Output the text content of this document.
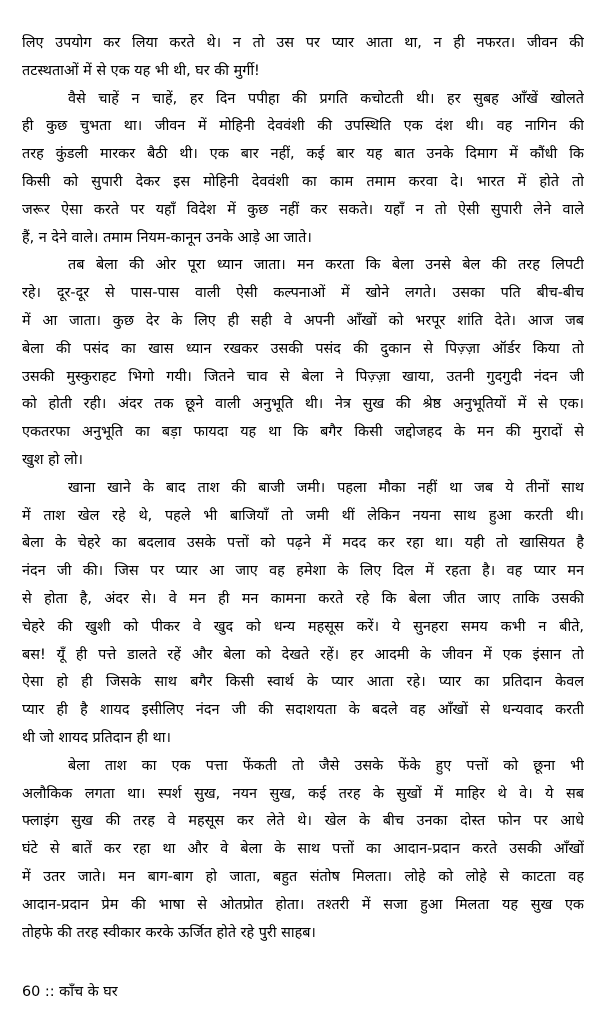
लिए उपयोग कर लिया करते थे। न तो उस पर प्यार आता था, न ही नफरत। जीवन की
तटस्थताओं में से एक यह भी थी, घर की मुर्गी!
वैसे चाहें न चाहें, हर दिन पपीहा की प्रगति कचोटती थी। हर सुबह आँखें खोलते
ही कुछ चुभता था। जीवन में मोहिनी देववंशी की उपस्थिति एक दंश थी। वह नागिन की
तरह कुंडली मारकर बैठी थी। एक बार नहीं, कई बार यह बात उनके दिमाग में कौंधी कि
किसी को सुपारी देकर इस मोहिनी देववंशी का काम तमाम करवा दे। भारत में होते तो
जरूर ऐसा करते पर यहाँ विदेश में कुछ नहीं कर सकते। यहाँ न तो ऐसी सुपारी लेने वाले
हैं, न देने वाले। तमाम नियम-कानून उनके आड़े आ जाते।
तब बेला की ओर पूरा ध्यान जाता। मन करता कि बेला उनसे बेल की तरह लिपटी
रहे। दूर-दूर से पास-पास वाली ऐसी कल्पनाओं में खोने लगते। उसका पति बीच-बीच
में आ जाता। कुछ देर के लिए ही सही वे अपनी आँखों को भरपूर शांति देते। आज जब
बेला की पसंद का खास ध्यान रखकर उसकी पसंद की दुकान से पिज़्ज़ा ऑर्डर किया तो
उसकी मुस्कुराहट भिगो गयी। जितने चाव से बेला ने पिज़्ज़ा खाया, उतनी गुदगुदी नंदन जी
को होती रही। अंदर तक छूने वाली अनुभूति थी। नेत्र सुख की श्रेष्ठ अनुभूतियों में से एक।
एकतरफा अनुभूति का बड़ा फायदा यह था कि बगैर किसी जद्दोजहद के मन की मुरादों से
खुश हो लो।
खाना खाने के बाद ताश की बाजी जमी। पहला मौका नहीं था जब ये तीनों साथ
में ताश खेल रहे थे, पहले भी बाजियाँ तो जमी थीं लेकिन नयना साथ हुआ करती थी।
बेला के चेहरे का बदलाव उसके पत्तों को पढ़ने में मदद कर रहा था। यही तो खासियत है
नंदन जी की। जिस पर प्यार आ जाए वह हमेशा के लिए दिल में रहता है। वह प्यार मन
से होता है, अंदर से। वे मन ही मन कामना करते रहे कि बेला जीत जाए ताकि उसकी
चेहरे की खुशी को पीकर वे खुद को धन्य महसूस करें। ये सुनहरा समय कभी न बीते,
बस! यूँ ही पत्ते डालते रहें और बेला को देखते रहें। हर आदमी के जीवन में एक इंसान तो
ऐसा हो ही जिसके साथ बगैर किसी स्वार्थ के प्यार आता रहे। प्यार का प्रतिदान केवल
प्यार ही है शायद इसीलिए नंदन जी की सदाशयता के बदले वह आँखों से धन्यवाद करती
थी जो शायद प्रतिदान ही था।
बेला ताश का एक पत्ता फेंकती तो जैसे उसके फेंके हुए पत्तों को छूना भी
अलौकिक लगता था। स्पर्श सुख, नयन सुख, कई तरह के सुखों में माहिर थे वे। ये सब
फ्लाइंग सुख की तरह वे महसूस कर लेते थे। खेल के बीच उनका दोस्त फोन पर आधे
घंटे से बातें कर रहा था और वे बेला के साथ पत्तों का आदान-प्रदान करते उसकी आँखों
में उतर जाते। मन बाग-बाग हो जाता, बहुत संतोष मिलता। लोहे को लोहे से काटता वह
आदान-प्रदान प्रेम की भाषा से ओतप्रोत होता। तश्तरी में सजा हुआ मिलता यह सुख एक
तोहफे की तरह स्वीकार करके ऊर्जित होते रहे पुरी साहब।
60 :: काँच के घर
